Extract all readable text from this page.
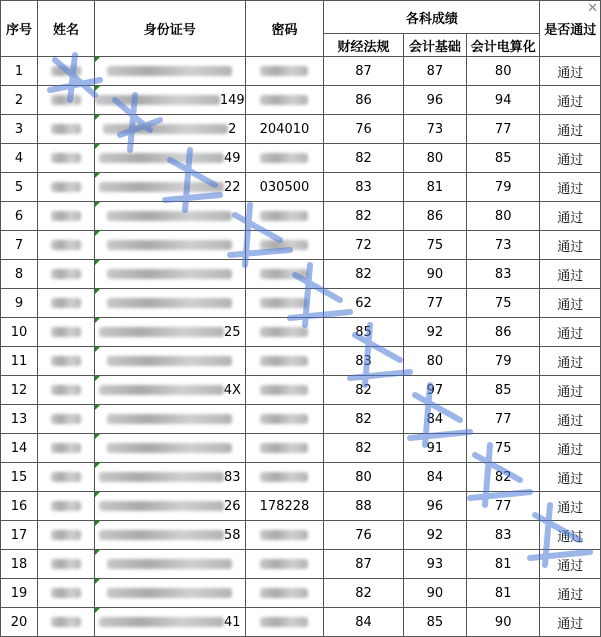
序号	姓名	身份证号	密码	各科成绩			是否通过
				财经法规	会计基础	会计电算化	
1				87	87	80	通过
2		149		86	96	94	通过
3		2	204010	76	73	77	通过
4		49		82	80	85	通过
5		22	030500	83	81	79	通过
6				82	86	80	通过
7				72	75	73	通过
8				82	90	83	通过
9				62	77	75	通过
10		25		85	92	86	通过
11				83	80	79	通过
12		4X		82	97	85	通过
13				82	84	77	通过
14				82	91	75	通过
15		83		80	84	82	通过
16		26	178228	88	96	77	通过
17		58		76	92	83	通过
18				87	93	81	通过
19				82	90	81	通过
20		41		84	85	90	通过
✕
